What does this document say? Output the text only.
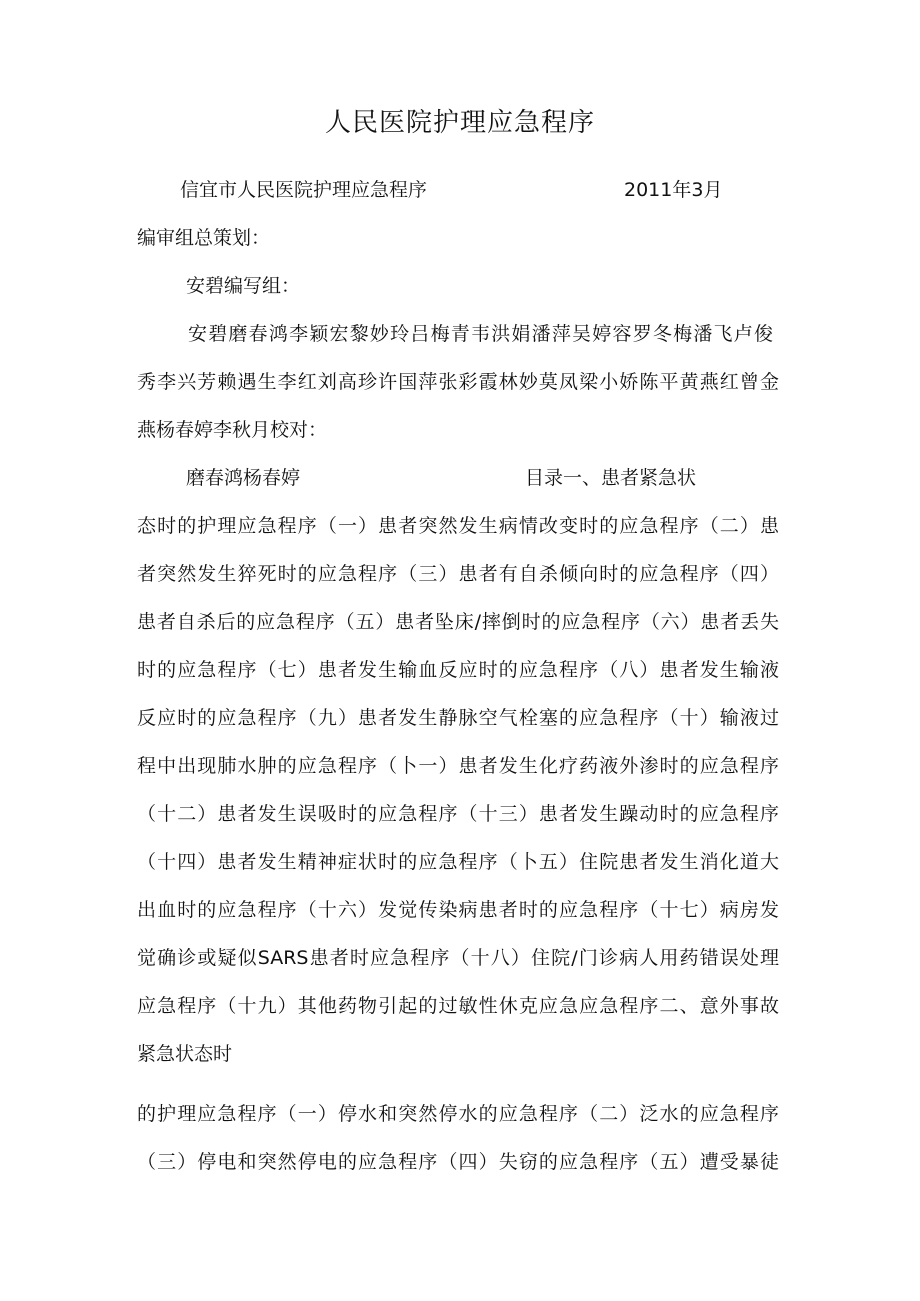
人民医院护理应急程序

信宜市人民医院护理应急程序	2011年3月

编审组总策划：

安碧编写组：

安碧磨春鸿李颖宏黎妙玲吕梅青韦洪娟潘萍吴婷容罗冬梅潘飞卢俊

秀李兴芳赖遇生李红刘高珍许国萍张彩霞林妙莫凤梁小娇陈平黄燕红曾金

燕杨春婷李秋月校对：

磨春鸿杨春婷	目录一、患者紧急状

态时的护理应急程序（一）患者突然发生病情改变时的应急程序（二）患

者突然发生猝死时的应急程序（三）患者有自杀倾向时的应急程序（四）

患者自杀后的应急程序（五）患者坠床/摔倒时的应急程序（六）患者丢失

时的应急程序（七）患者发生输血反应时的应急程序（八）患者发生输液

反应时的应急程序（九）患者发生静脉空气栓塞的应急程序（十）输液过

程中出现肺水肿的应急程序（卜一）患者发生化疗药液外渗时的应急程序

（十二）患者发生误吸时的应急程序（十三）患者发生躁动时的应急程序

（十四）患者发生精神症状时的应急程序（卜五）住院患者发生消化道大

出血时的应急程序（十六）发觉传染病患者时的应急程序（十七）病房发

觉确诊或疑似SARS患者时应急程序（十八）住院/门诊病人用药错误处理

应急程序（十九）其他药物引起的过敏性休克应急应急程序二、意外事故

紧急状态时

的护理应急程序（一）停水和突然停水的应急程序（二）泛水的应急程序

（三）停电和突然停电的应急程序（四）失窃的应急程序（五）遭受暴徒
